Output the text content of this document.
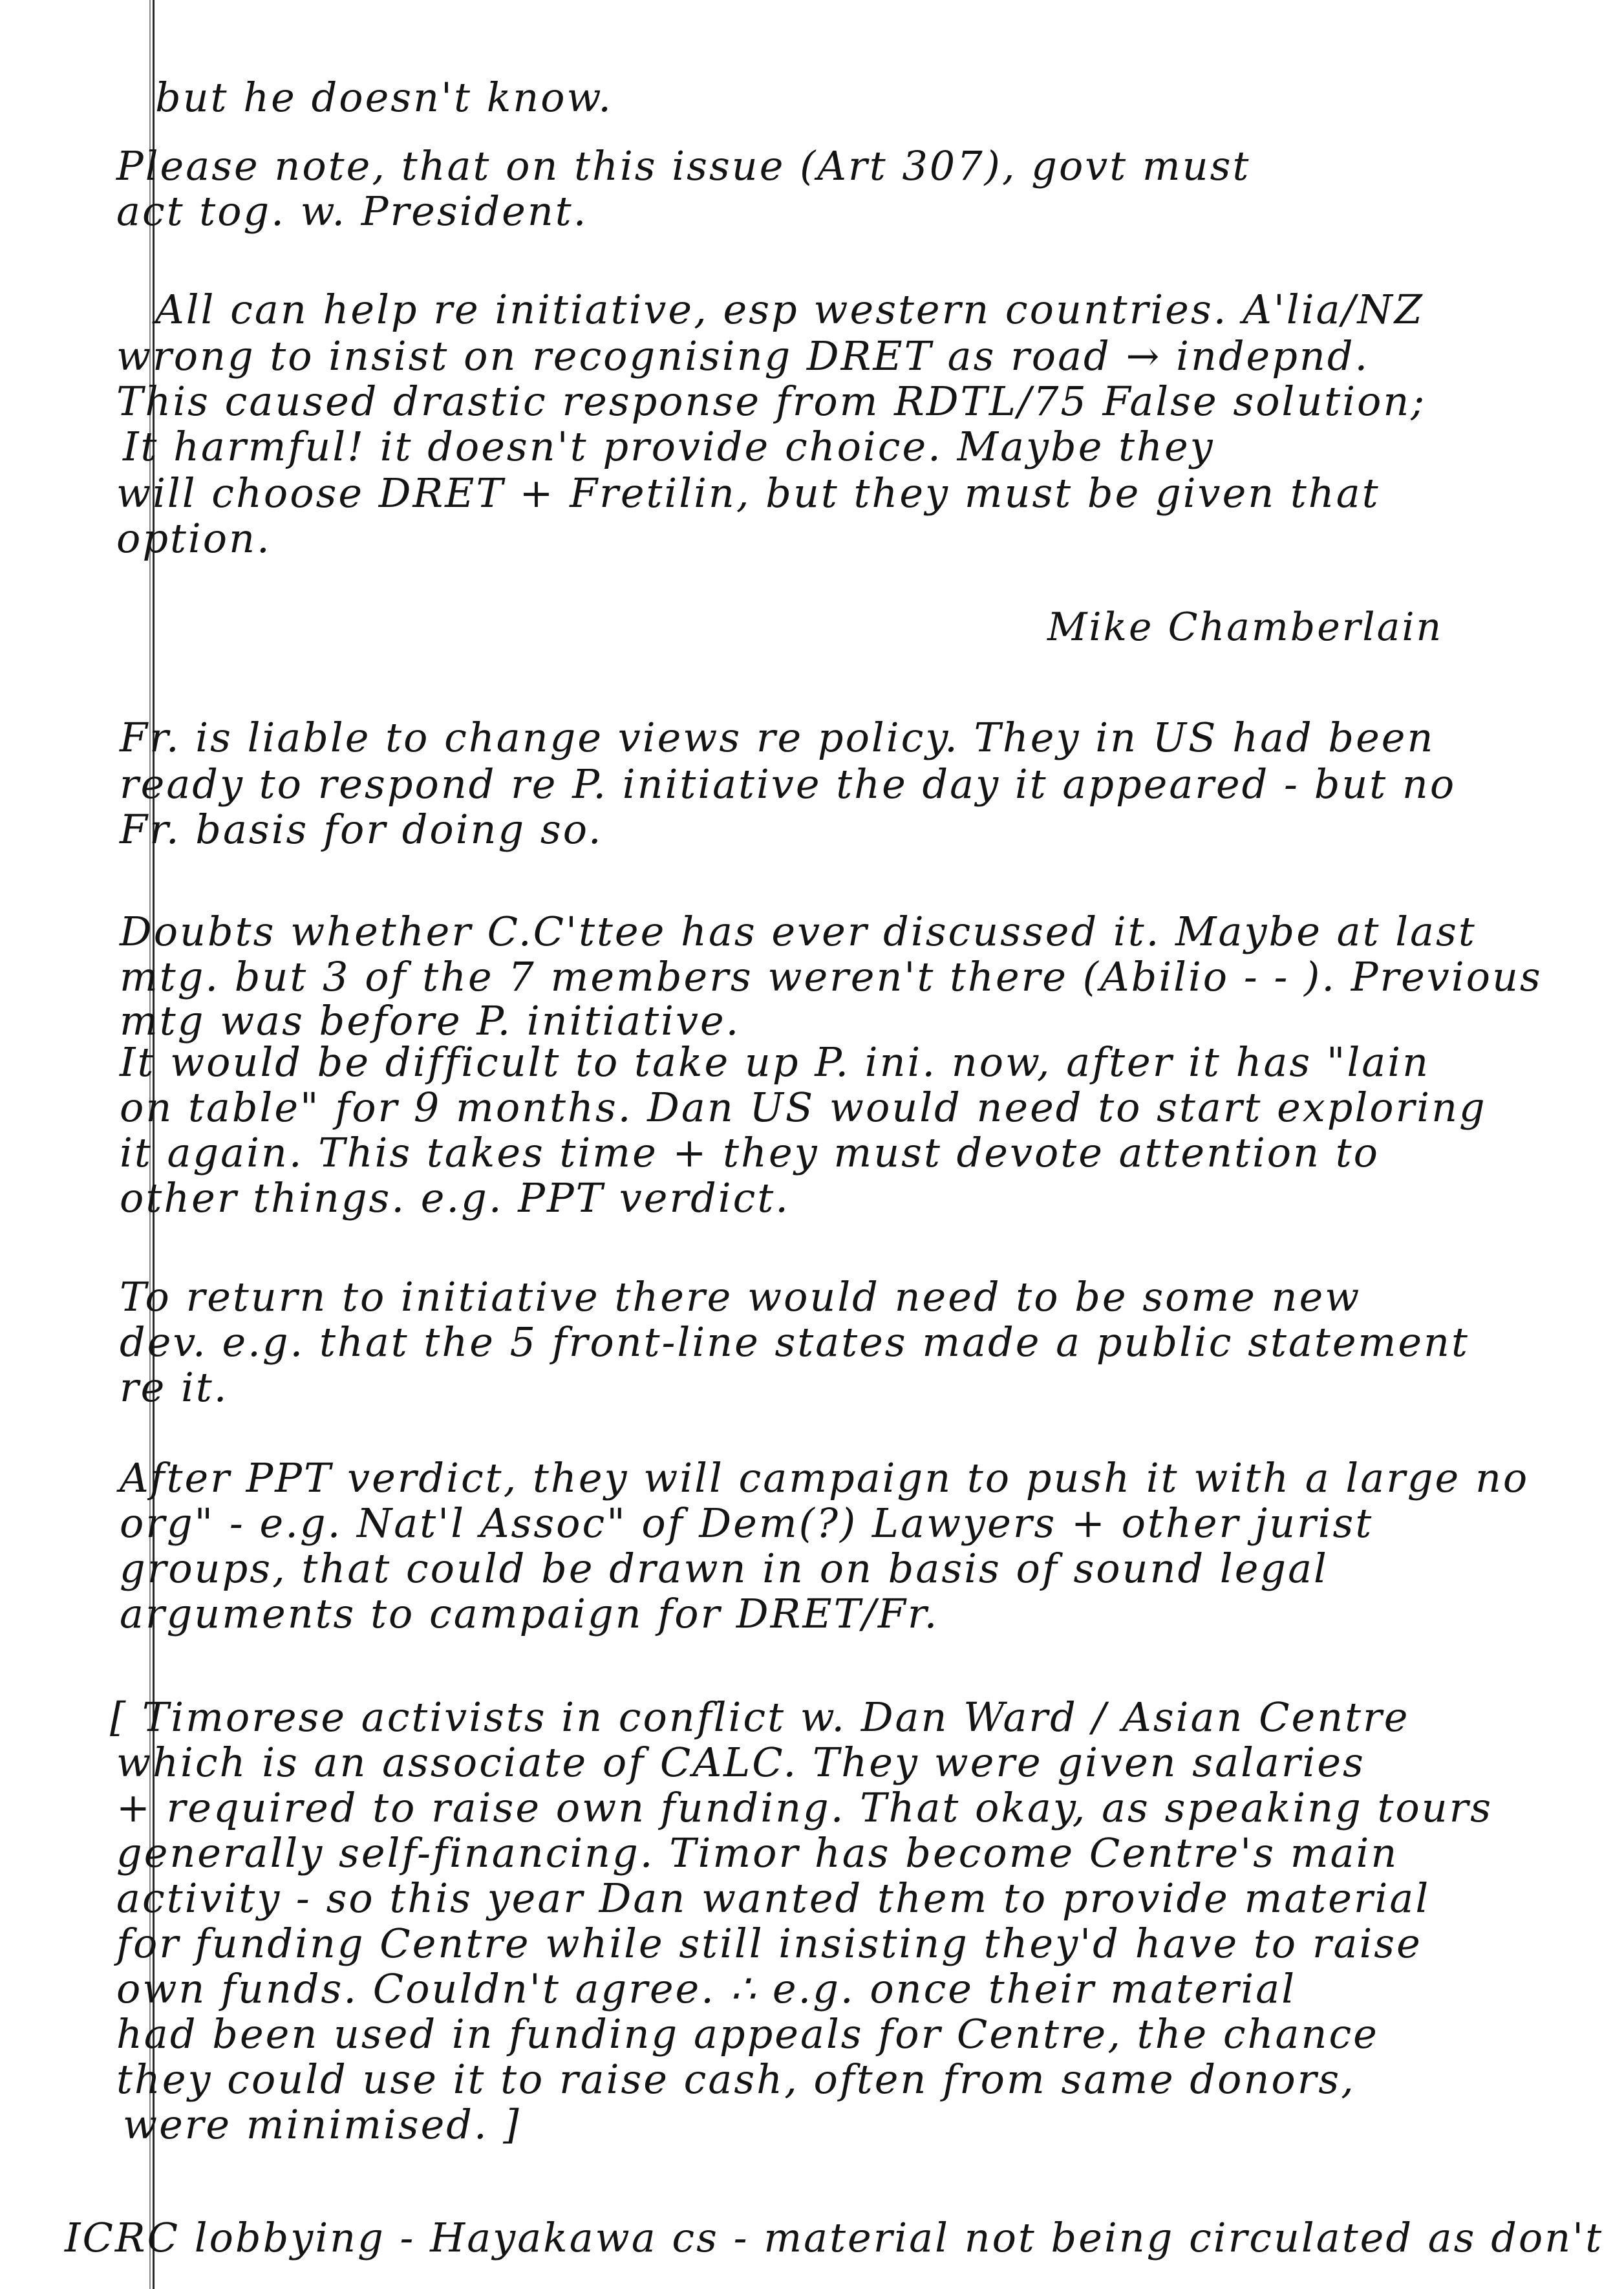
but he doesn't know.
Please note, that on this issue (Art 307), govt must
act tog. w. President.
All can help re initiative, esp western countries. A'lia/NZ
wrong to insist on recognising DRET as road → indepnd.
This caused drastic response from RDTL/75 False solution;
It harmful! it doesn't provide choice. Maybe they
will choose DRET + Fretilin, but they must be given that
option.
Mike Chamberlain
Fr. is liable to change views re policy. They in US had been
ready to respond re P. initiative the day it appeared - but no
Fr. basis for doing so.
Doubts whether C.C'ttee has ever discussed it. Maybe at last
mtg. but 3 of the 7 members weren't there (Abilio - - ). Previous
mtg was before P. initiative.
It would be difficult to take up P. ini. now, after it has "lain
on table" for 9 months. Dan US would need to start exploring
it again. This takes time + they must devote attention to
other things. e.g. PPT verdict.
To return to initiative there would need to be some new
dev. e.g. that the 5 front-line states made a public statement
re it.
After PPT verdict, they will campaign to push it with a large no
org" - e.g. Nat'l Assoc" of Dem(?) Lawyers + other jurist
groups, that could be drawn in on basis of sound legal
arguments to campaign for DRET/Fr.
[ Timorese activists in conflict w. Dan Ward / Asian Centre
which is an associate of CALC. They were given salaries
+ required to raise own funding. That okay, as speaking tours
generally self-financing. Timor has become Centre's main
activity - so this year Dan wanted them to provide material
for funding Centre while still insisting they'd have to raise
own funds. Couldn't agree. ∴ e.g. once their material
had been used in funding appeals for Centre, the chance
they could use it to raise cash, often from same donors,
were minimised. ]
ICRC lobbying - Hayakawa cs - material not being circulated as don't
